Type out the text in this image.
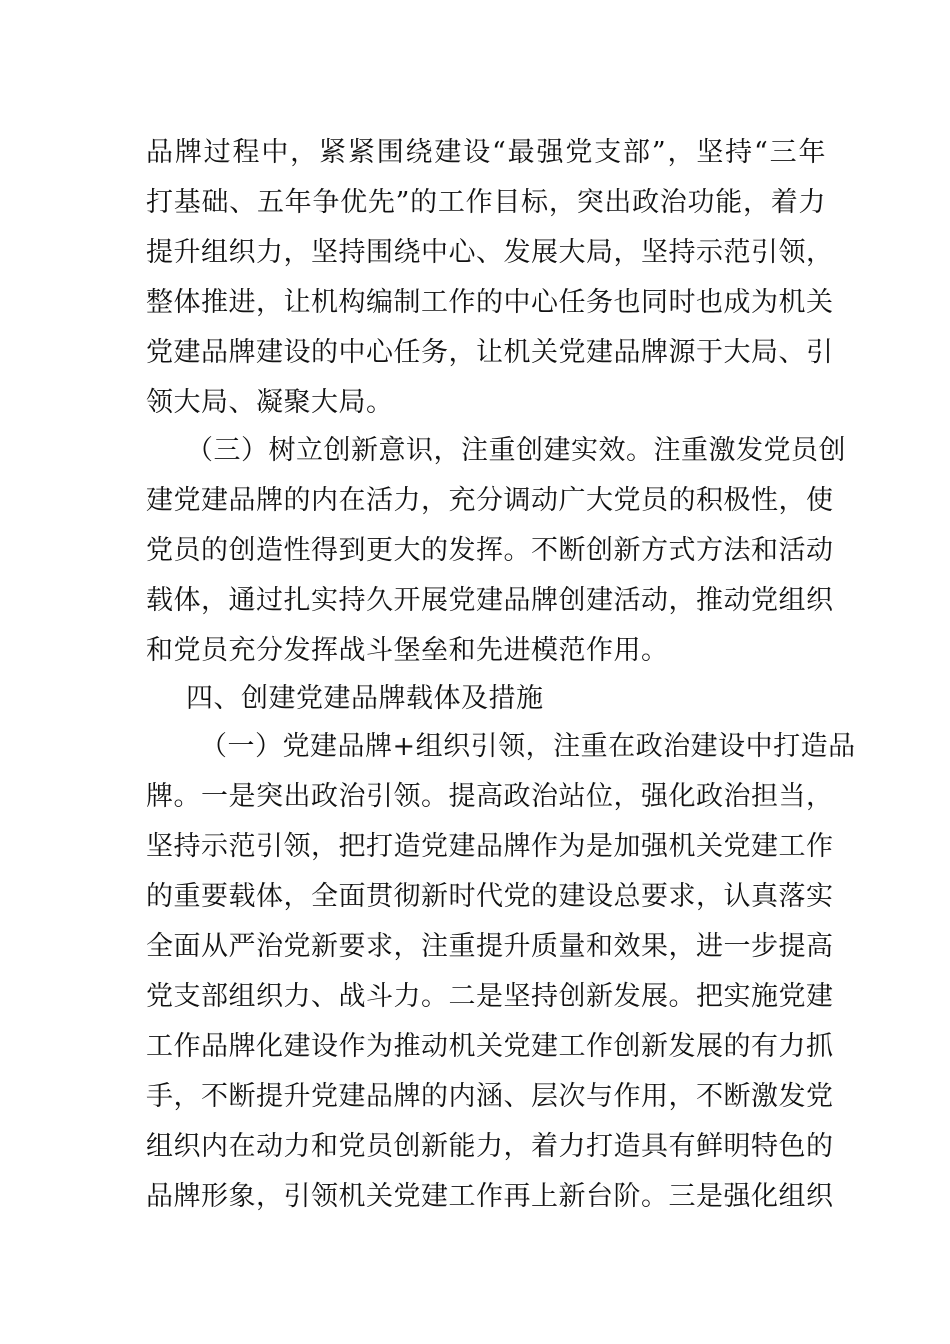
品牌过程中，紧紧围绕建设“最强党支部”，坚持“三年
打基础、五年争优先”的工作目标，突出政治功能，着力
提升组织力，坚持围绕中心、发展大局，坚持示范引领，
整体推进，让机构编制工作的中心任务也同时也成为机关
党建品牌建设的中心任务，让机关党建品牌源于大局、引
领大局、凝聚大局。
（三）树立创新意识，注重创建实效。注重激发党员创
建党建品牌的内在活力，充分调动广大党员的积极性，使
党员的创造性得到更大的发挥。不断创新方式方法和活动
载体，通过扎实持久开展党建品牌创建活动，推动党组织
和党员充分发挥战斗堡垒和先进模范作用。
四、创建党建品牌载体及措施
（一）党建品牌+组织引领，注重在政治建设中打造品
牌。一是突出政治引领。提高政治站位，强化政治担当，
坚持示范引领，把打造党建品牌作为是加强机关党建工作
的重要载体，全面贯彻新时代党的建设总要求，认真落实
全面从严治党新要求，注重提升质量和效果，进一步提高
党支部组织力、战斗力。二是坚持创新发展。把实施党建
工作品牌化建设作为推动机关党建工作创新发展的有力抓
手，不断提升党建品牌的内涵、层次与作用，不断激发党
组织内在动力和党员创新能力，着力打造具有鲜明特色的
品牌形象，引领机关党建工作再上新台阶。三是强化组织
